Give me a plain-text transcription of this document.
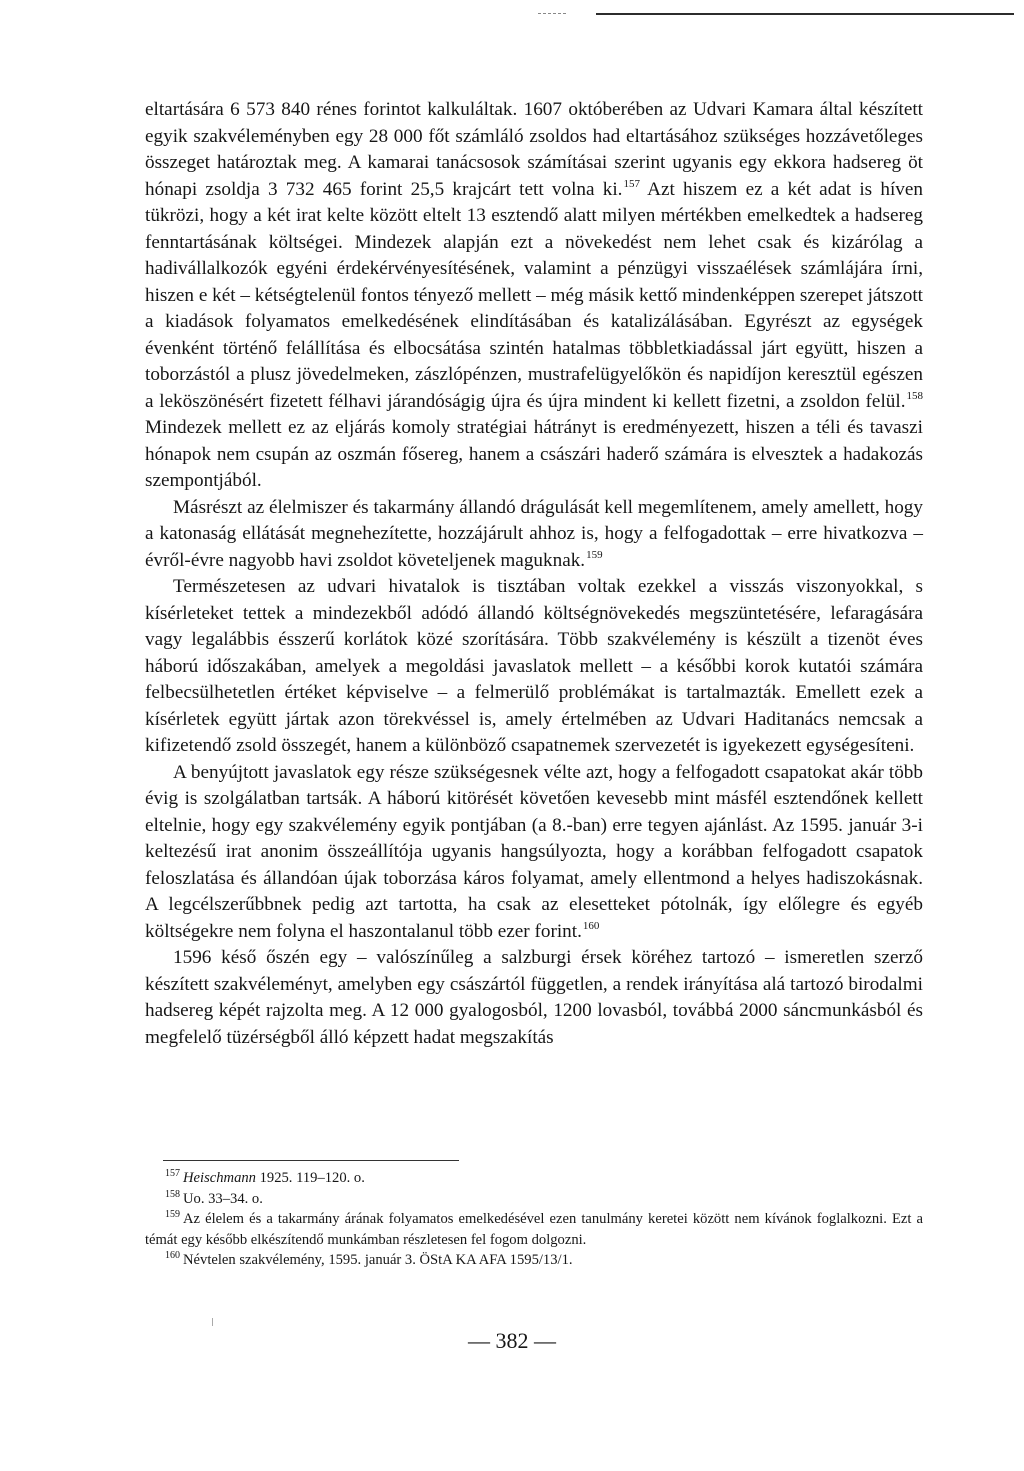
eltartására 6 573 840 rénes forintot kalkuláltak. 1607 októberében az Udvari Kamara által készített egyik szakvéleményben egy 28 000 főt számláló zsoldos had eltartásához szükséges hozzávetőleges összeget határoztak meg. A kamarai tanácsosok számításai szerint ugyanis egy ekkora hadsereg öt hónapi zsoldja 3 732 465 forint 25,5 krajcárt tett volna ki.$^{157}$ Azt hiszem ez a két adat is híven tükrözi, hogy a két irat kelte között eltelt 13 esztendő alatt milyen mértékben emelkedtek a hadsereg fenntartásának költségei. Mindezek alapján ezt a növekedést nem lehet csak és kizárólag a hadivállalkozók egyéni érdekérvényesítésének, valamint a pénzügyi visszaélések számlájára írni, hiszen e két – kétségtelenül fontos tényező mellett – még másik kettő mindenképpen szerepet játszott a kiadások folyamatos emelkedésének elindításában és katalizálásában. Egyrészt az egységek évenként történő felállítása és elbocsátása szintén hatalmas többletkiadással járt együtt, hiszen a toborzástól a plusz jövedelmeken, zászlópénzen, mustrafelügyelőkön és napidíjon keresztül egészen a leköszönésért fizetett félhavi járandóságig újra és újra mindent ki kellett fizetni, a zsoldon felül.$^{158}$ Mindezek mellett ez az eljárás komoly stratégiai hátrányt is eredményezett, hiszen a téli és tavaszi hónapok nem csupán az oszmán fősereg, hanem a császári haderő számára is elvesztek a hadakozás szempontjából.

Másrészt az élelmiszer és takarmány állandó drágulását kell megemlítenem, amely amellett, hogy a katonaság ellátását megnehezítette, hozzájárult ahhoz is, hogy a felfogadottak – erre hivatkozva – évről-évre nagyobb havi zsoldot követeljenek maguknak.$^{159}$

Természetesen az udvari hivatalok is tisztában voltak ezekkel a visszás viszonyokkal, s kísérleteket tettek a mindezekből adódó állandó költségnövekedés megszüntetésére, lefaragására vagy legalábbis ésszerű korlátok közé szorítására. Több szakvélemény is készült a tizenöt éves háború időszakában, amelyek a megoldási javaslatok mellett – a későbbi korok kutatói számára felbecsülhetetlen értéket képviselve – a felmerülő problémákat is tartalmazták. Emellett ezek a kísérletek együtt jártak azon törekvéssel is, amely értelmében az Udvari Haditanács nemcsak a kifizetendő zsold összegét, hanem a különböző csapatnemek szervezetét is igyekezett egységesíteni.

A benyújtott javaslatok egy része szükségesnek vélte azt, hogy a felfogadott csapatokat akár több évig is szolgálatban tartsák. A háború kitörését követően kevesebb mint másfél esztendőnek kellett eltelnie, hogy egy szakvélemény egyik pontjában (a 8.-ban) erre tegyen ajánlást. Az 1595. január 3-i keltezésű irat anonim összeállítója ugyanis hangsúlyozta, hogy a korábban felfogadott csapatok feloszlatása és állandóan újak toborzása káros folyamat, amely ellentmond a helyes hadiszokásnak. A legcélszerűbbnek pedig azt tartotta, ha csak az elesetteket pótolnák, így előlegre és egyéb költségekre nem folyna el haszontalanul több ezer forint.$^{160}$

1596 késő őszén egy – valószínűleg a salzburgi érsek köréhez tartozó – ismeretlen szerző készített szakvéleményt, amelyben egy császártól független, a rendek irányítása alá tartozó birodalmi hadsereg képét rajzolta meg. A 12 000 gyalogosból, 1200 lovasból, továbbá 2000 sáncmunkásból és megfelelő tüzérségből álló képzett hadat megszakítás

$^{157}$ Heischmann 1925. 119–120. o.

$^{158}$ Uo. 33–34. o.

$^{159}$ Az élelem és a takarmány árának folyamatos emelkedésével ezen tanulmány keretei között nem kívánok foglalkozni. Ezt a témát egy később elkészítendő munkámban részletesen fel fogom dolgozni.

$^{160}$ Névtelen szakvélemény, 1595. január 3. ÖStA KA AFA 1595/13/1.

— 382 —
